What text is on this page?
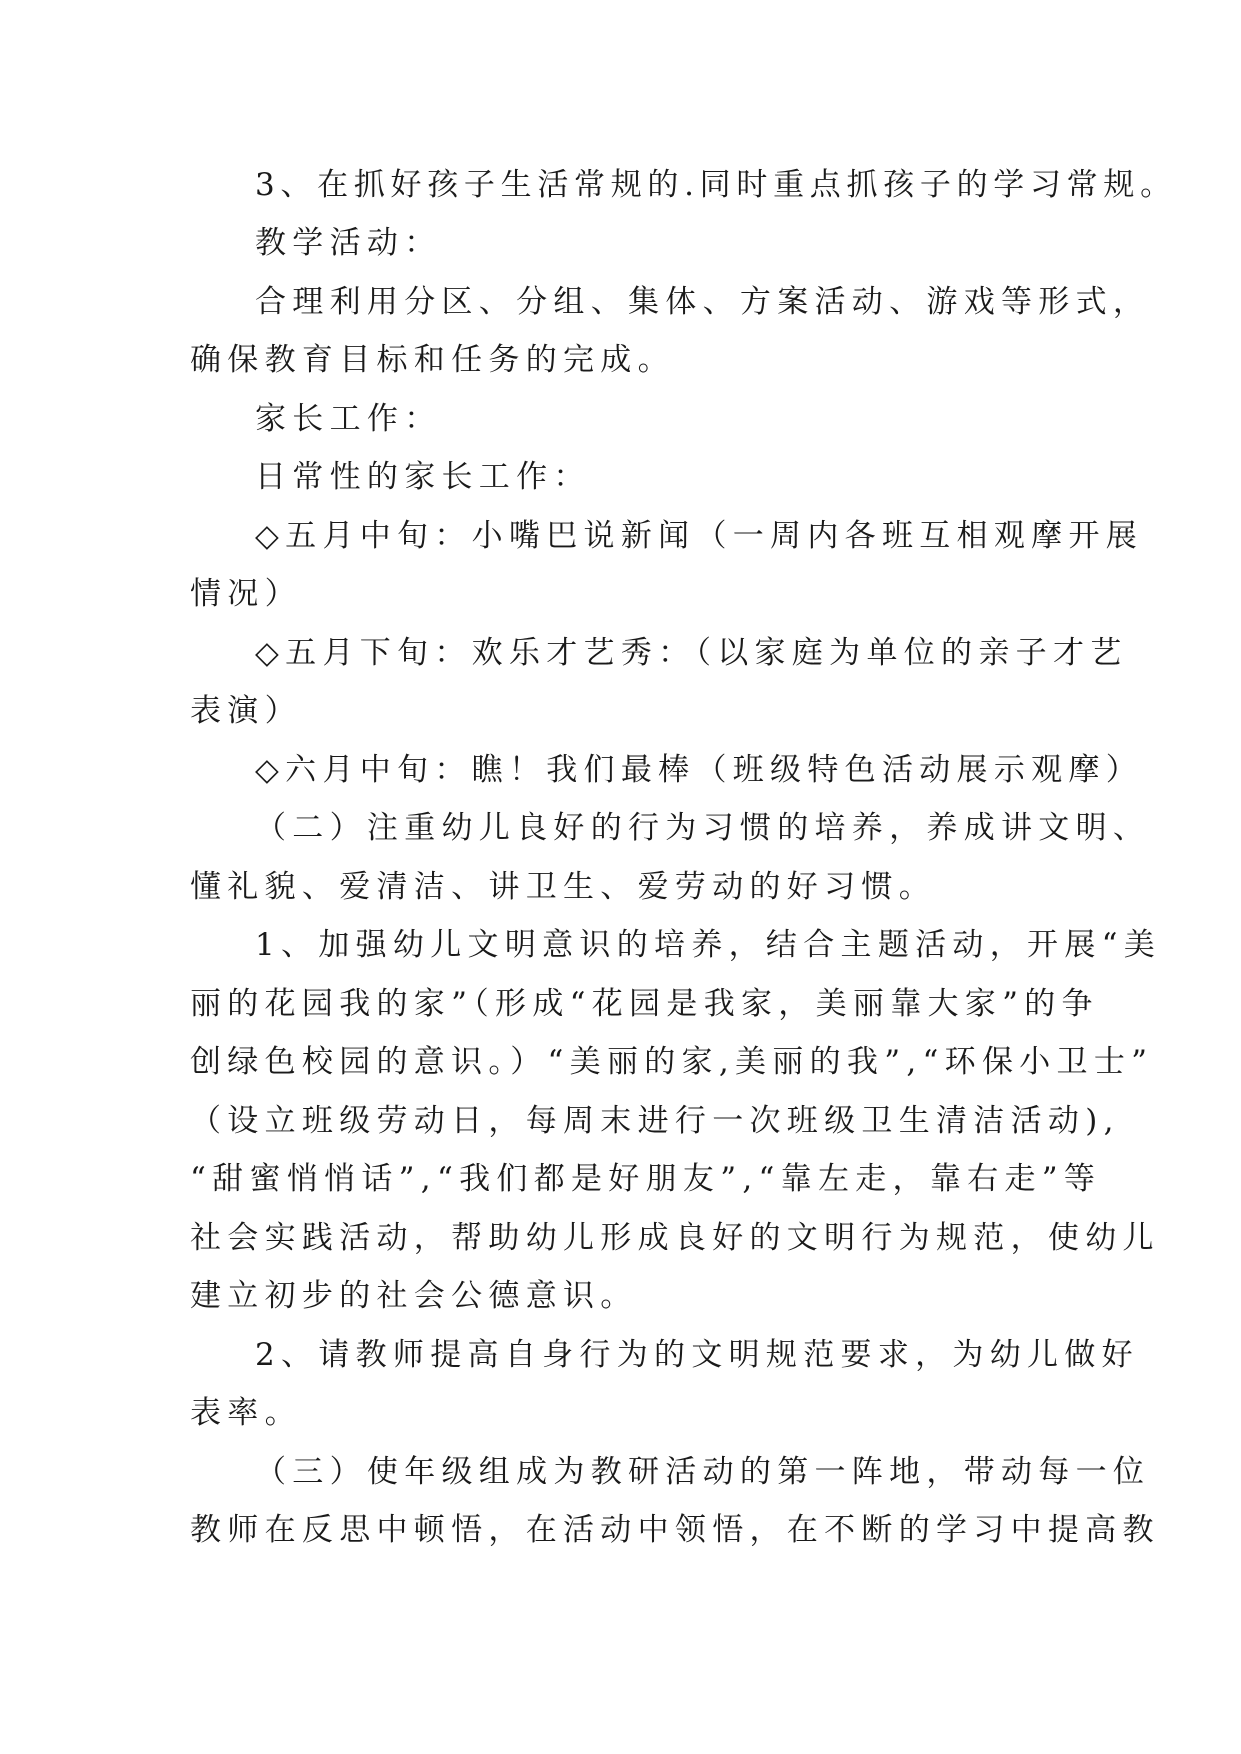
3、在抓好孩子生活常规的.同时重点抓孩子的学习常规。
教学活动：
合理利用分区、分组、集体、方案活动、游戏等形式，
确保教育目标和任务的完成。
家长工作：
日常性的家长工作：
◇五月中旬：小嘴巴说新闻（一周内各班互相观摩开展
情况）
◇五月下旬：欢乐才艺秀：（以家庭为单位的亲子才艺
表演）
◇六月中旬：瞧！我们最棒（班级特色活动展示观摩）
（二）注重幼儿良好的行为习惯的培养，养成讲文明、
懂礼貌、爱清洁、讲卫生、爱劳动的好习惯。
1、加强幼儿文明意识的培养，结合主题活动，开展“美
丽的花园我的家”（形成“花园是我家，美丽靠大家”的争
创绿色校园的意识。）“美丽的家,美丽的我”,“环保小卫士”
（设立班级劳动日，每周末进行一次班级卫生清洁活动),
“甜蜜悄悄话”,“我们都是好朋友”,“靠左走，靠右走”等
社会实践活动，帮助幼儿形成良好的文明行为规范，使幼儿
建立初步的社会公德意识。
2、请教师提高自身行为的文明规范要求，为幼儿做好
表率。
（三）使年级组成为教研活动的第一阵地，带动每一位
教师在反思中顿悟，在活动中领悟，在不断的学习中提高教
